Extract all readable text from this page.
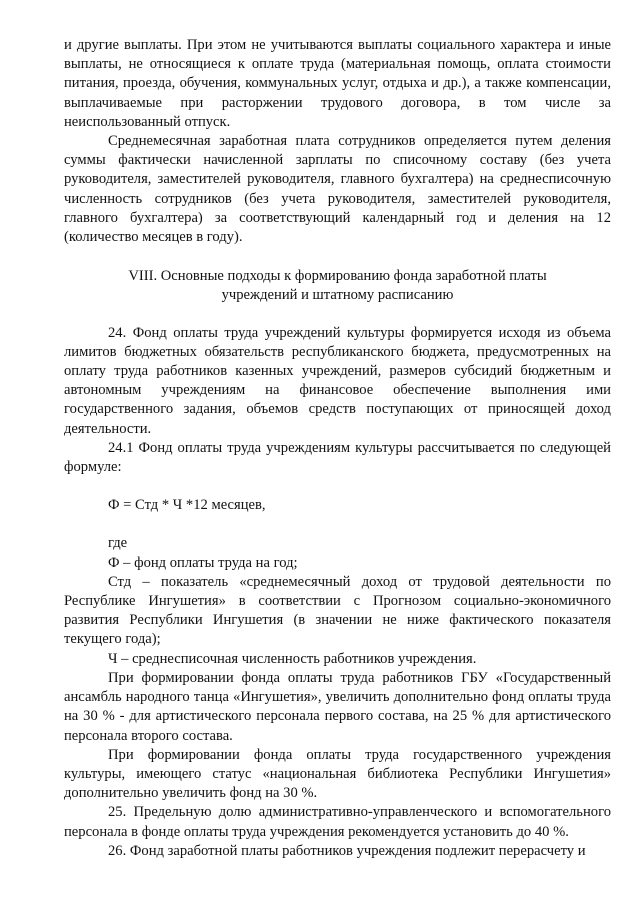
и другие выплаты. При этом не учитываются выплаты социального характера и иные выплаты, не относящиеся к оплате труда (материальная помощь, оплата стоимости питания, проезда, обучения, коммунальных услуг, отдыха и др.), а также компенсации, выплачиваемые при расторжении трудового договора, в том числе за неиспользованный отпуск.

Среднемесячная заработная плата сотрудников определяется путем деления суммы фактически начисленной зарплаты по списочному составу (без учета руководителя, заместителей руководителя, главного бухгалтера) на среднесписочную численность сотрудников (без учета руководителя, заместителей руководителя, главного бухгалтера) за соответствующий календарный год и деления на 12 (количество месяцев в году).

VIII. Основные подходы к формированию фонда заработной платы
учреждений и штатному расписанию

24. Фонд оплаты труда учреждений культуры формируется исходя из объема лимитов бюджетных обязательств республиканского бюджета, предусмотренных на оплату труда работников казенных учреждений, размеров субсидий бюджетным и автономным учреждениям на финансовое обеспечение выполнения ими государственного задания, объемов средств поступающих от приносящей доход деятельности.

24.1 Фонд оплаты труда учреждениям культуры рассчитывается по следующей формуле:

Ф = Стд * Ч *12 месяцев,

где

Ф – фонд оплаты труда на год;

Стд – показатель «среднемесячный доход от трудовой деятельности по Республике Ингушетия» в соответствии с Прогнозом социально-экономичного развития Республики Ингушетия (в значении не ниже фактического показателя текущего года);

Ч – среднесписочная численность работников учреждения.

При формировании фонда оплаты труда работников ГБУ «Государственный ансамбль народного танца «Ингушетия», увеличить дополнительно фонд оплаты труда на 30 % - для артистического персонала первого состава, на 25 % для артистического персонала второго состава.

При формировании фонда оплаты труда государственного учреждения культуры, имеющего статус «национальная библиотека Республики Ингушетия» дополнительно увеличить фонд на 30 %.

25. Предельную долю административно-управленческого и вспомогательного персонала в фонде оплаты труда учреждения рекомендуется установить до 40 %.

26. Фонд заработной платы работников учреждения подлежит перерасчету и
